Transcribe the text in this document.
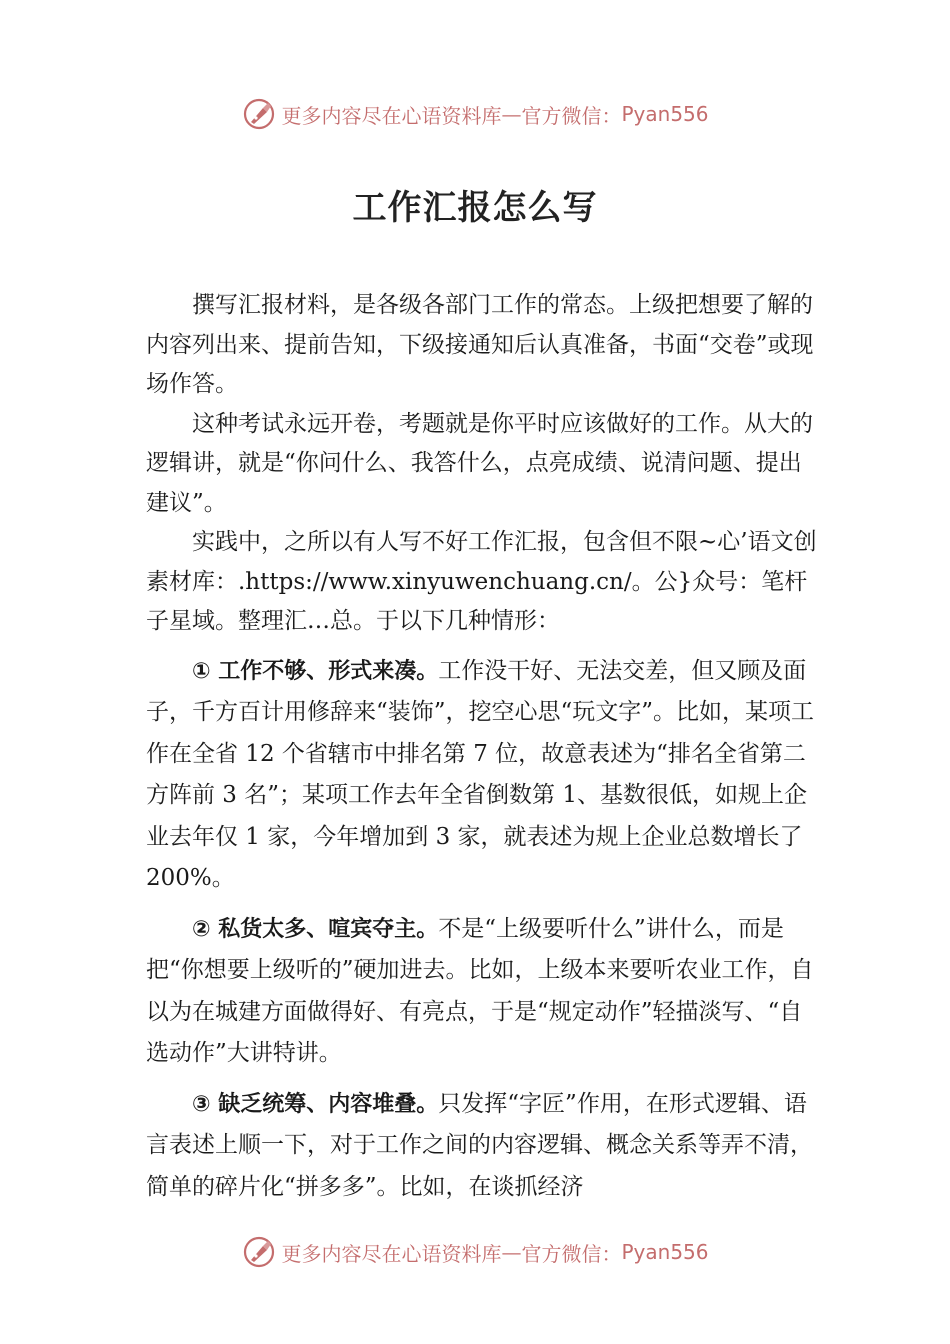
更多内容尽在心语资料库 — 官方微信： Pyan556
工作汇报怎么写

撰写汇报材料，是各级各部门工作的常态。上级把想要了解的内容列出来、提前告知，下级接通知后认真准备，书面“交卷”或现场作答。

这种考试永远开卷，考题就是你平时应该做好的工作。从大的逻辑讲，就是“你问什么、我答什么，点亮成绩、说清问题、提出建议”。

实践中，之所以有人写不好工作汇报，包含但不限~心’语文创素材库：.https://www.xinyuwenchuang.cn/。公}众号：笔杆子星域。整理汇…总。于以下几种情形：

① 工作不够、形式来凑。工作没干好、无法交差，但又顾及面子，千方百计用修辞来“装饰”，挖空心思“玩文字”。比如，某项工作在全省 12 个省辖市中排名第 7 位，故意表述为“排名全省第二方阵前 3 名”；某项工作去年全省倒数第 1、基数很低，如规上企业去年仅 1 家，今年增加到 3 家，就表述为规上企业总数增长了 200%。

② 私货太多、喧宾夺主。不是“上级要听什么”讲什么，而是把“你想要上级听的”硬加进去。比如，上级本来要听农业工作，自以为在城建方面做得好、有亮点，于是“规定动作”轻描淡写、“自选动作”大讲特讲。

③ 缺乏统筹、内容堆叠。只发挥“字匠”作用，在形式逻辑、语言表述上顺一下，对于工作之间的内容逻辑、概念关系等弄不清，简单的碎片化“拼多多”。比如，在谈抓经济

更多内容尽在心语资料库 — 官方微信： Pyan556
